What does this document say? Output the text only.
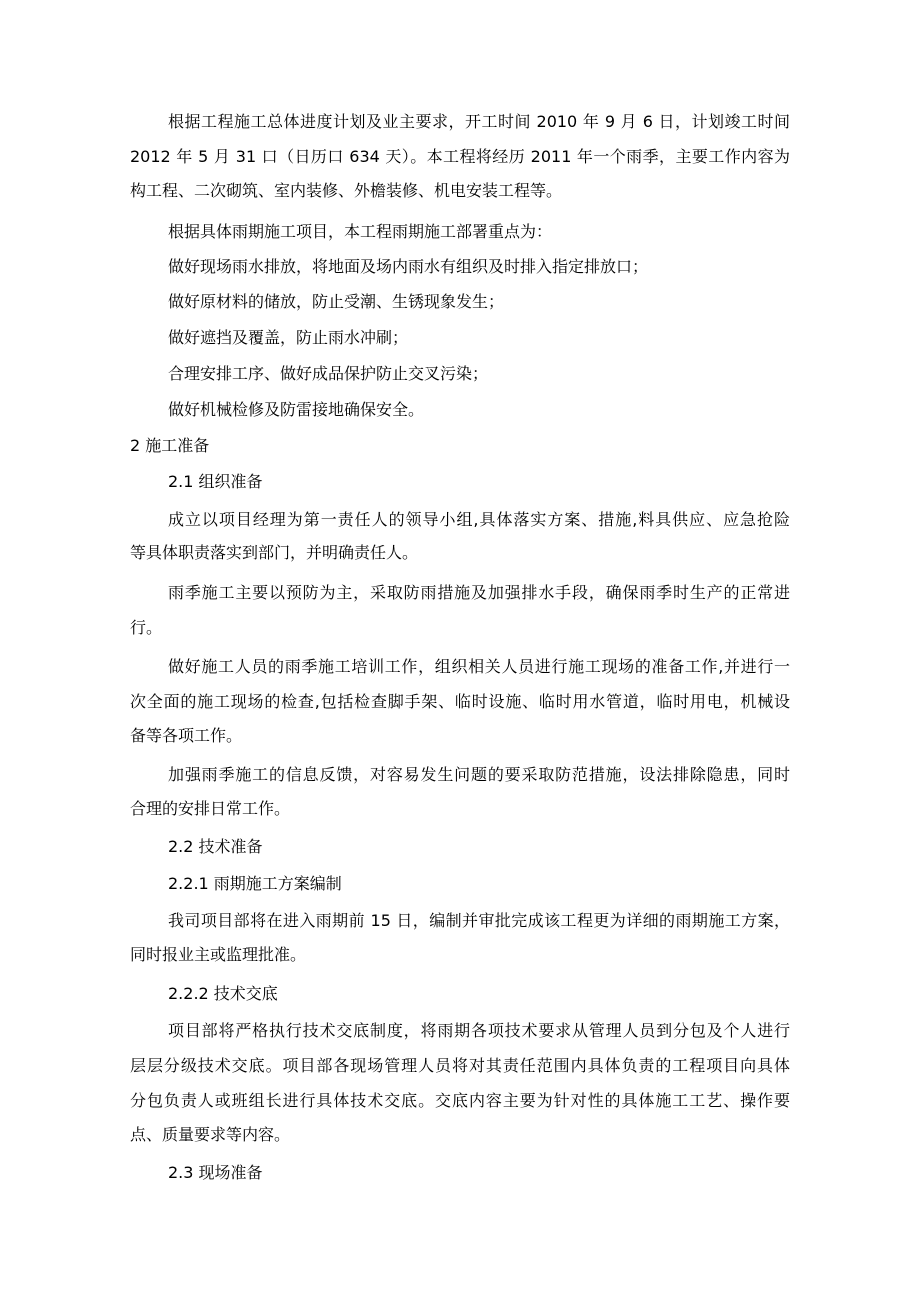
根据工程施工总体进度计划及业主要求，开工时间 2010 年 9 月 6 日，计划竣工时间
2012 年 5 月 31 口（日历口 634 天）。本工程将经历 2011 年一个雨季，主要工作内容为
构工程、二次砌筑、室内装修、外檐装修、机电安装工程等。
根据具体雨期施工项目，本工程雨期施工部署重点为：
做好现场雨水排放，将地面及场内雨水有组织及时排入指定排放口；
做好原材料的储放，防止受潮、生锈现象发生；
做好遮挡及覆盖，防止雨水冲刷；
合理安排工序、做好成品保护防止交叉污染；
做好机械检修及防雷接地确保安全。
2 施工准备
2.1 组织准备
成立以项目经理为第一责任人的领导小组,具体落实方案、措施,料具供应、应急抢险
等具体职责落实到部门，并明确责任人。
雨季施工主要以预防为主，采取防雨措施及加强排水手段，确保雨季时生产的正常进
行。
做好施工人员的雨季施工培训工作，组织相关人员进行施工现场的准备工作,并进行一
次全面的施工现场的检查,包括检查脚手架、临时设施、临时用水管道，临时用电，机械设
备等各项工作。
加强雨季施工的信息反馈，对容易发生问题的要采取防范措施，设法排除隐患，同时
合理的安排日常工作。
2.2 技术准备
2.2.1 雨期施工方案编制
我司项目部将在进入雨期前 15 日，编制并审批完成该工程更为详细的雨期施工方案，
同时报业主或监理批准。
2.2.2 技术交底
项目部将严格执行技术交底制度，将雨期各项技术要求从管理人员到分包及个人进行
层层分级技术交底。项目部各现场管理人员将对其责任范围内具体负责的工程项目向具体
分包负责人或班组长进行具体技术交底。交底内容主要为针对性的具体施工工艺、操作要
点、质量要求等内容。
2.3 现场准备
